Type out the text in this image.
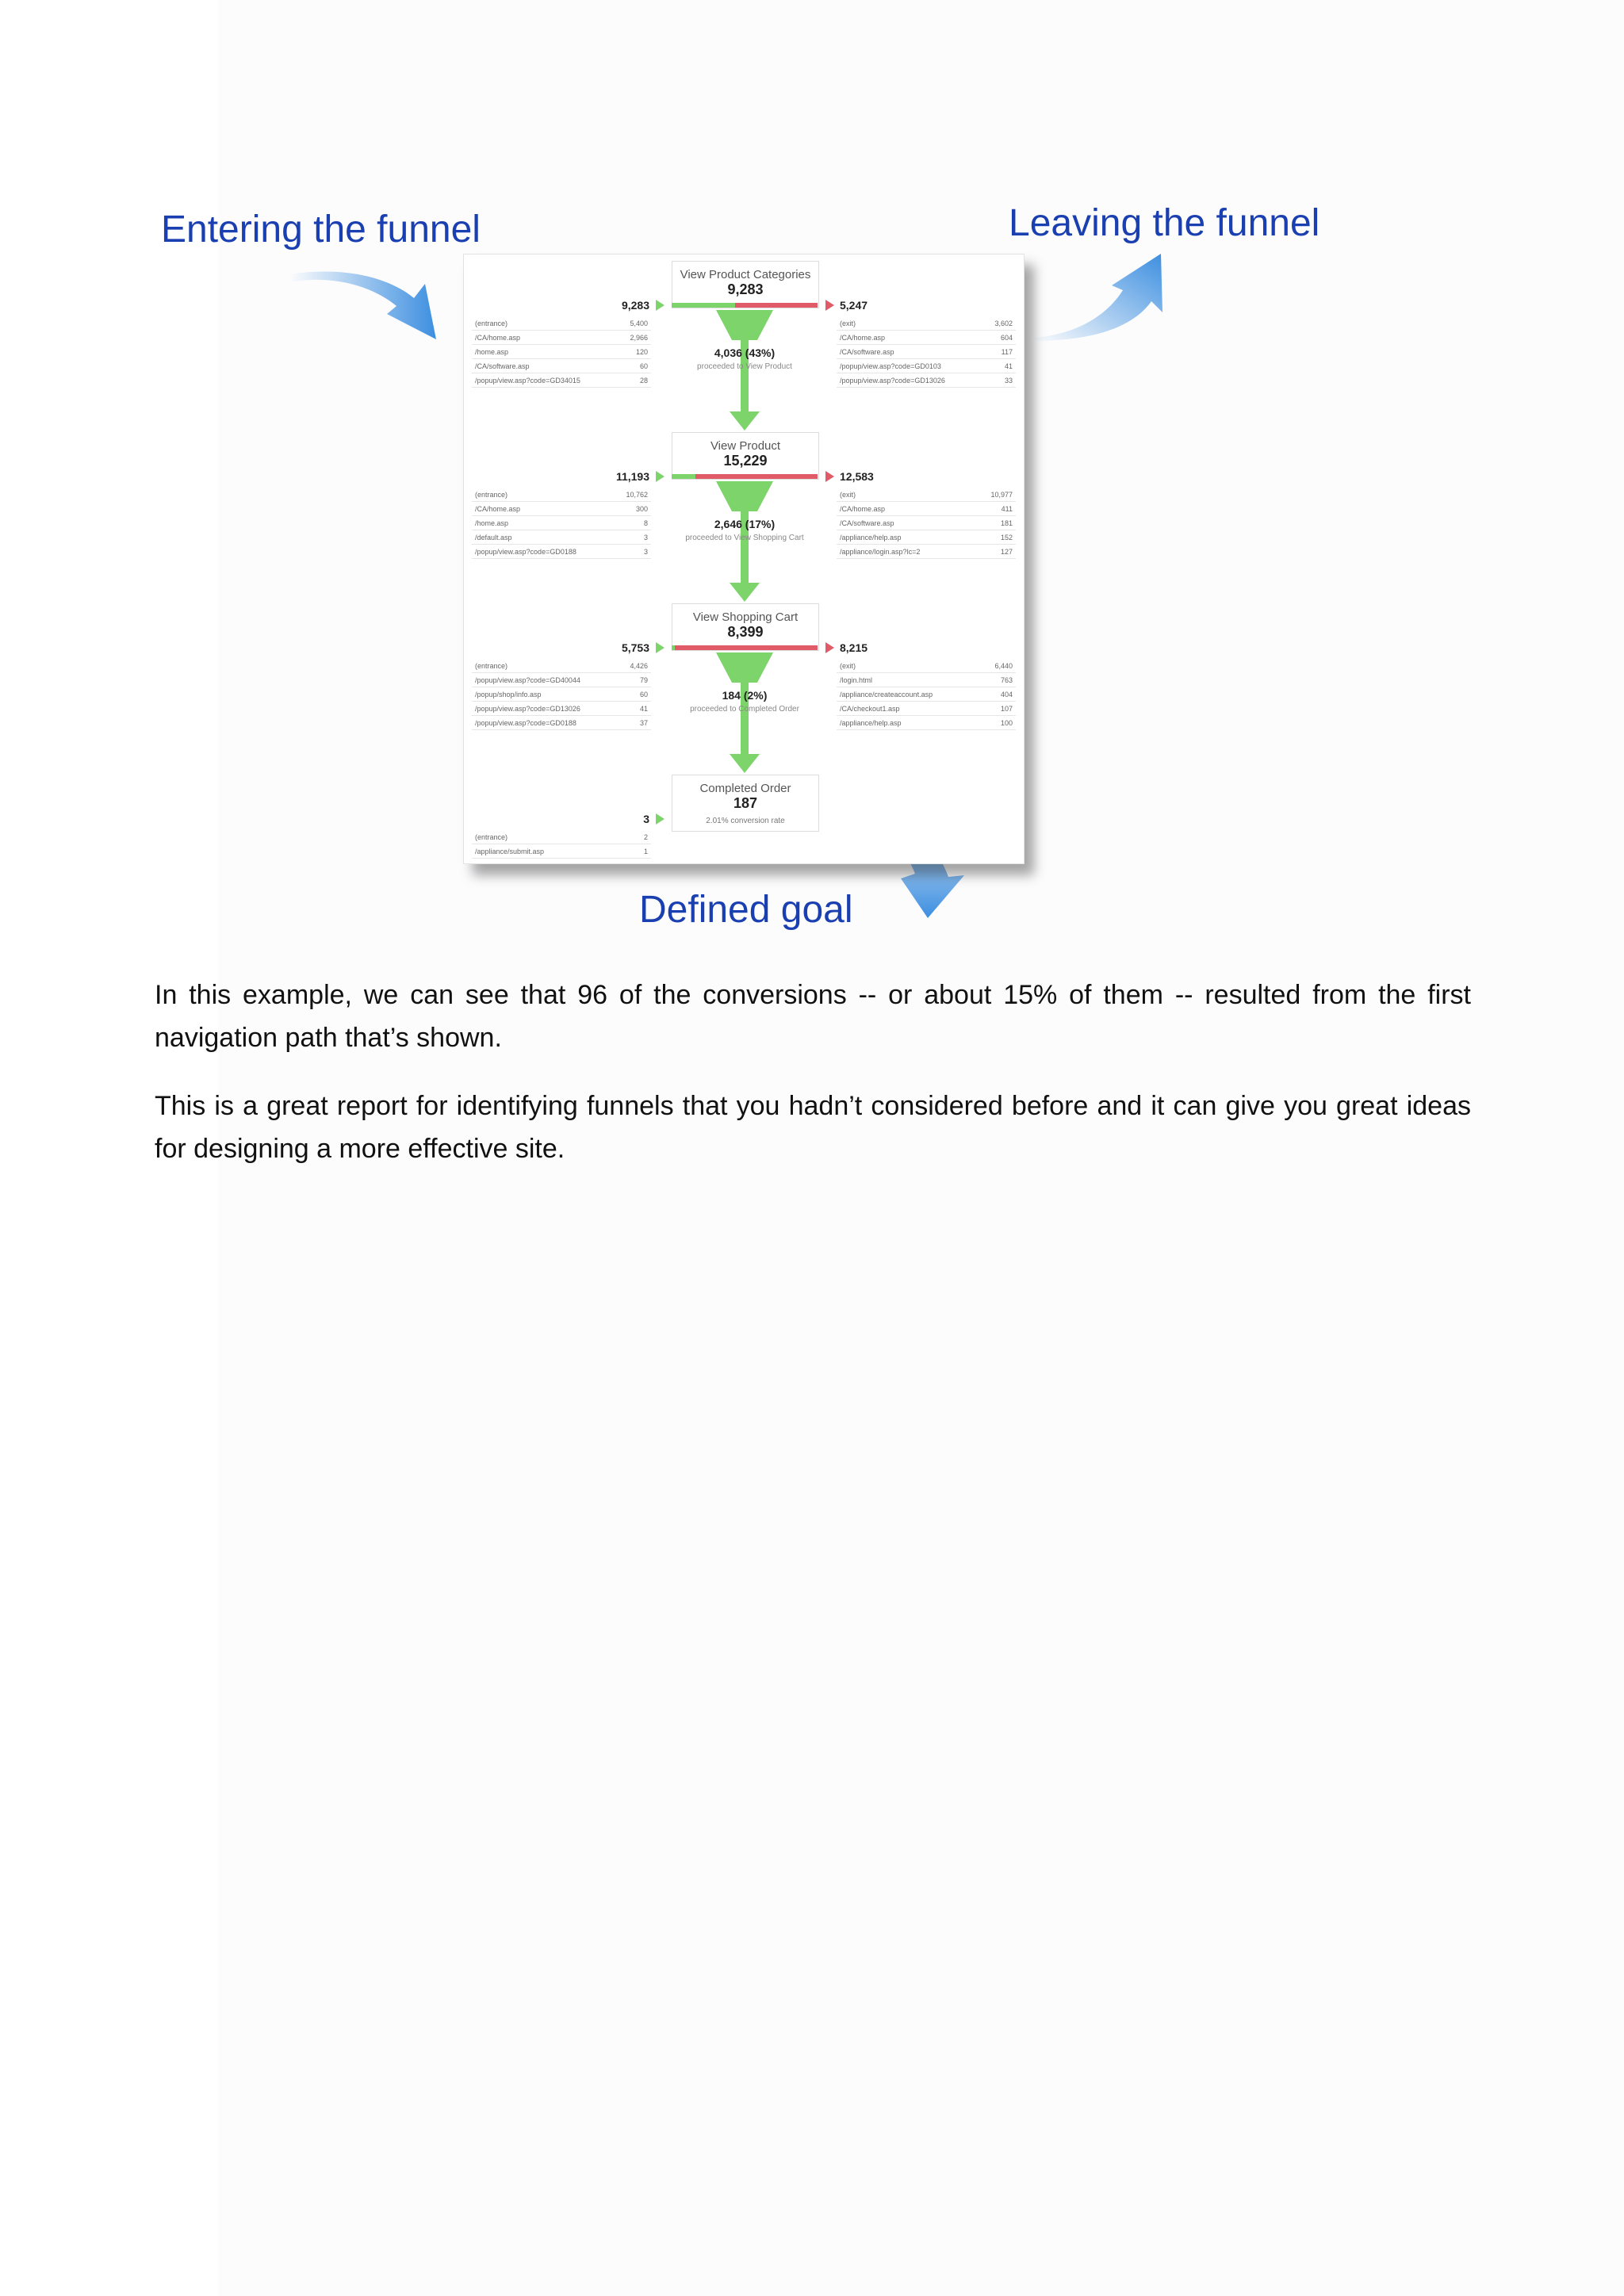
Entering the funnel	Leaving the funnel
Defined goal
View Product Categories
9,283
9,283	5,247
(entrance)	5,400
/CA/home.asp	2,966
/home.asp	120
/CA/software.asp	60
/popup/view.asp?code=GD34015	28
(exit)	3,602
/CA/home.asp	604
/CA/software.asp	117
/popup/view.asp?code=GD0103	41
/popup/view.asp?code=GD13026	33
4,036 (43%)
proceeded to View Product
View Product
15,229
11,193	12,583
(entrance)	10,762
/CA/home.asp	300
/home.asp	8
/default.asp	3
/popup/view.asp?code=GD0188	3
(exit)	10,977
/CA/home.asp	411
/CA/software.asp	181
/appliance/help.asp	152
/appliance/login.asp?lc=2	127
2,646 (17%)
proceeded to View Shopping Cart
View Shopping Cart
8,399
5,753	8,215
(entrance)	4,426
/popup/view.asp?code=GD40044	79
/popup/shop/info.asp	60
/popup/view.asp?code=GD13026	41
/popup/view.asp?code=GD0188	37
(exit)	6,440
/login.html	763
/appliance/createaccount.asp	404
/CA/checkout1.asp	107
/appliance/help.asp	100
184 (2%)
proceeded to Completed Order
Completed Order
187
2.01% conversion rate
3
(entrance)	2
/appliance/submit.asp	1

In this example, we can see that 96 of the conversions -- or about 15% of them -- resulted from the first navigation path that’s shown.

This is a great report for identifying funnels that you hadn’t considered before and it can give you great ideas for designing a more effective site.
